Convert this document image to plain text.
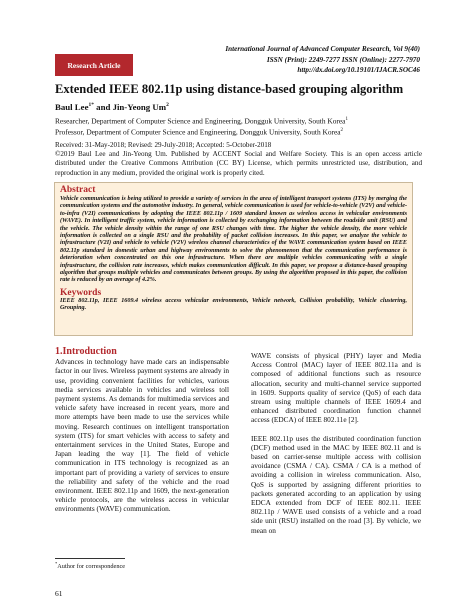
Research Article
International Journal of Advanced Computer Research, Vol 9(40)
ISSN (Print): 2249-7277 ISSN (Online): 2277-7970
http://dx.doi.org/10.19101/IJACR.SOC46
Extended IEEE 802.11p using distance-based grouping algorithm
Baul Lee$^{1*}$ and Jin-Yeong Um$^2$
Researcher, Department of Computer Science and Engineering, Dongguk University, South Korea$^1$
Professor, Department of Computer Science and Engineering, Dongguk University, South Korea$^2$
Received: 31-May-2018; Revised: 29-July-2018; Accepted: 5-October-2018
©2019 Baul Lee and Jin-Yeong Um. Published by ACCENT Social and Welfare Society. This is an open access article distributed under the Creative Commons Attribution (CC BY) License, which permits unrestricted use, distribution, and reproduction in any medium, provided the original work is properly cited.
Abstract
Vehicle communication is being utilized to provide a variety of services in the area of intelligent transport systems (ITS) by merging the communication systems and the automotive industry. In general, vehicle communication is used for vehicle-to-vehicle (V2V) and vehicle-to-infra (V2I) communications by adopting the IEEE 802.11p / 1609 standard known as wireless access in vehicular environments (WAVE). In intelligent traffic system, vehicle information is collected by exchanging information between the roadside unit (RSU) and the vehicle. The vehicle density within the range of one RSU changes with time. The higher the vehicle density, the more vehicle information is collected on a single RSU and the probability of packet collision increases. In this paper, we analyze the vehicle to infrastructure (V2I) and vehicle to vehicle (V2V) wireless channel characteristics of the WAVE communication system based on IEEE 802.11p standard in domestic urban and highway environments to solve the phenomenon that the communication performance is deterioration when concentrated on this one infrastructure. When there are multiple vehicles communicating with a single infrastructure, the collision rate increases, which makes communication difficult. In this paper, we propose a distance-based grouping algorithm that groups multiple vehicles and communicates between groups. By using the algorithm proposed in this paper, the collision rate is reduced by an average of 4.2%.
Keywords
IEEE 802.11p, IEEE 1609.4 wireless access vehicular environments, Vehicle network, Collision probability, Vehicle clustering, Grouping.
1.Introduction
Advances in technology have made cars an indispensable factor in our lives. Wireless payment systems are already in use, providing convenient facilities for vehicles, various media services available in vehicles and wireless toll payment systems. As demands for multimedia services and vehicle safety have increased in recent years, more and more attempts have been made to use the services while moving. Research continues on intelligent transportation system (ITS) for smart vehicles with access to safety and entertainment services in the United States, Europe and Japan leading the way [1]. The field of vehicle communication in ITS technology is recognized as an important part of providing a variety of services to ensure the reliability and safety of the vehicle and the road environment. IEEE 802.11p and 1609, the next-generation vehicle protocols, are the wireless access in vehicular environments (WAVE) communication.
WAVE consists of physical (PHY) layer and Media Access Control (MAC) layer of IEEE 802.11a and is composed of additional functions such as resource allocation, security and multi-channel service supported in 1609. Supports quality of service (QoS) of each data stream using multiple channels of IEEE 1609.4 and enhanced distributed coordination function channel access (EDCA) of IEEE 802.11e [2].
IEEE 802.11p uses the distributed coordination function (DCF) method used in the MAC by IEEE 802.11 and is based on carrier-sense multiple access with collision avoidance (CSMA / CA). CSMA / CA is a method of avoiding a collision in wireless communication. Also, QoS is supported by assigning different priorities to packets generated according to an application by using EDCA extended from DCF of IEEE 802.11. IEEE 802.11p / WAVE used consists of a vehicle and a road side unit (RSU) installed on the road [3]. By vehicle, we mean on
*Author for correspondence
61
